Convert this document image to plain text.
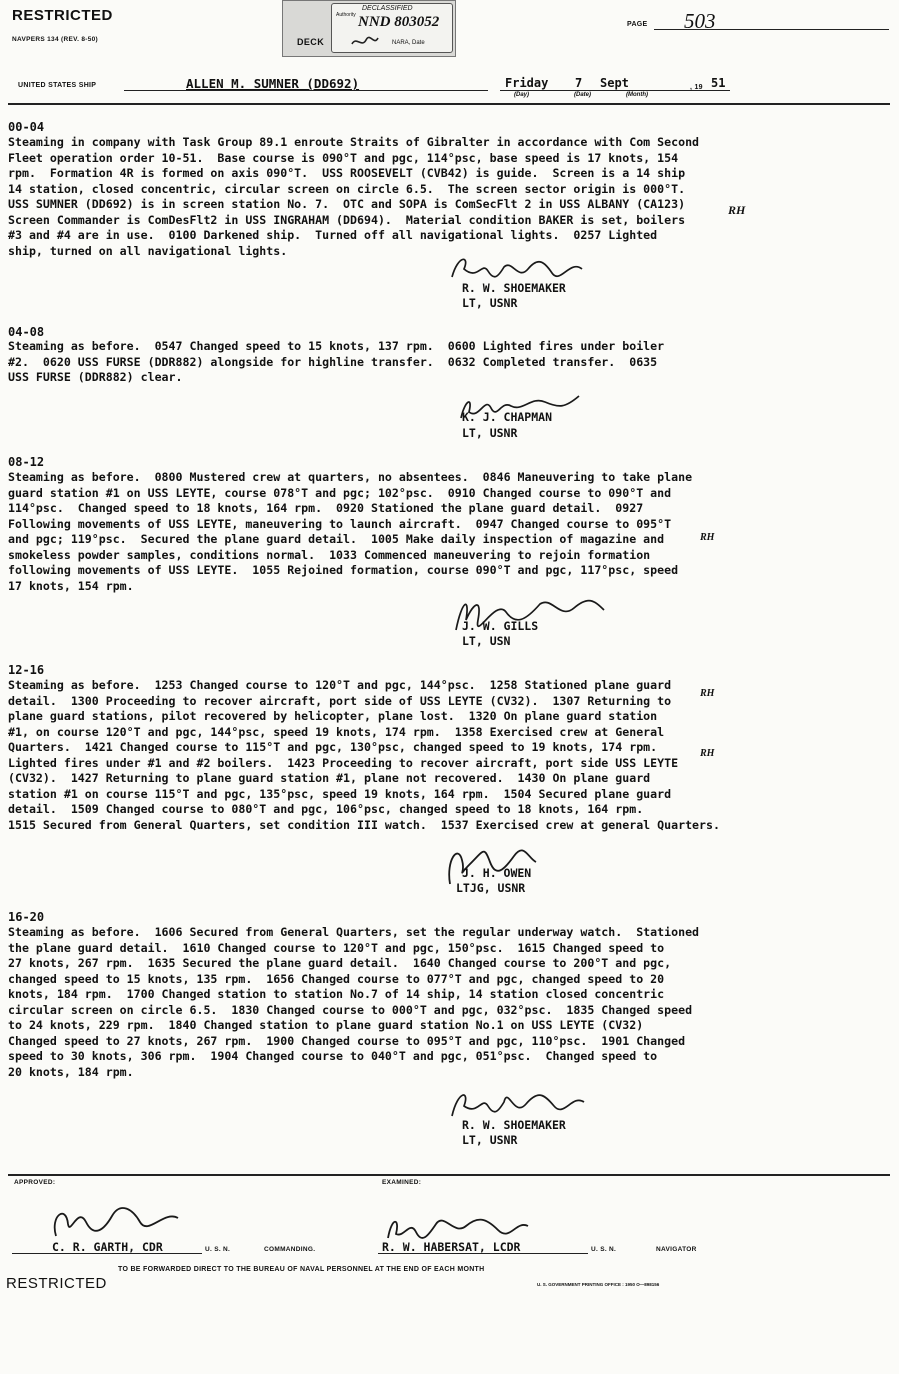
RESTRICTED
NAVPERS 134 (REV. 8-50)	DECK
DECLASSIFIED
Authority NND 803052
NARA, Date
PAGE 503
UNITED STATES SHIP	ALLEN M. SUMNER (DD692)	Friday 7 Sept	, 19 51
(Day)	(Date)	(Month)
00-04
Steaming in company with Task Group 89.1 enroute Straits of Gibralter in accordance with Com Second
Fleet operation order 10-51.  Base course is 090°T and pgc, 114°psc, base speed is 17 knots, 154
rpm.  Formation 4R is formed on axis 090°T.  USS ROOSEVELT (CVB42) is guide.  Screen is a 14 ship
14 station, closed concentric, circular screen on circle 6.5.  The screen sector origin is 000°T.
USS SUMNER (DD692) is in screen station No. 7.  OTC and SOPA is ComSecFlt 2 in USS ALBANY (CA123)
Screen Commander is ComDesFlt2 in USS INGRAHAM (DD694).  Material condition BAKER is set, boilers
#3 and #4 are in use.  0100 Darkened ship.  Turned off all navigational lights.  0257 Lighted
ship, turned on all navigational lights.
RH
R. W. SHOEMAKER
LT, USNR
04-08
Steaming as before.  0547 Changed speed to 15 knots, 137 rpm.  0600 Lighted fires under boiler
#2.  0620 USS FURSE (DDR882) alongside for highline transfer.  0632 Completed transfer.  0635
USS FURSE (DDR882) clear.
K. J. CHAPMAN
LT, USNR
08-12
Steaming as before.  0800 Mustered crew at quarters, no absentees.  0846 Maneuvering to take plane
guard station #1 on USS LEYTE, course 078°T and pgc; 102°psc.  0910 Changed course to 090°T and
114°psc.  Changed speed to 18 knots, 164 rpm.  0920 Stationed the plane guard detail.  0927
Following movements of USS LEYTE, maneuvering to launch aircraft.  0947 Changed course to 095°T
and pgc; 119°psc.  Secured the plane guard detail.  1005 Make daily inspection of magazine and
smokeless powder samples, conditions normal.  1033 Commenced maneuvering to rejoin formation
following movements of USS LEYTE.  1055 Rejoined formation, course 090°T and pgc, 117°psc, speed
17 knots, 154 rpm.
RH
J. W. GILLS
LT, USN
12-16
Steaming as before.  1253 Changed course to 120°T and pgc, 144°psc.  1258 Stationed plane guard
detail.  1300 Proceeding to recover aircraft, port side of USS LEYTE (CV32).  1307 Returning to
plane guard stations, pilot recovered by helicopter, plane lost.  1320 On plane guard station
#1, on course 120°T and pgc, 144°psc, speed 19 knots, 174 rpm.  1358 Exercised crew at General
Quarters.  1421 Changed course to 115°T and pgc, 130°psc, changed speed to 19 knots, 174 rpm.
Lighted fires under #1 and #2 boilers.  1423 Proceeding to recover aircraft, port side USS LEYTE
(CV32).  1427 Returning to plane guard station #1, plane not recovered.  1430 On plane guard
station #1 on course 115°T and pgc, 135°psc, speed 19 knots, 164 rpm.  1504 Secured plane guard
detail.  1509 Changed course to 080°T and pgc, 106°psc, changed speed to 18 knots, 164 rpm.
1515 Secured from General Quarters, set condition III watch.  1537 Exercised crew at general Quarters.
RH
RH
J. H. OWEN
LTJG, USNR
16-20
Steaming as before.  1606 Secured from General Quarters, set the regular underway watch.  Stationed
the plane guard detail.  1610 Changed course to 120°T and pgc, 150°psc.  1615 Changed speed to
27 knots, 267 rpm.  1635 Secured the plane guard detail.  1640 Changed course to 200°T and pgc,
changed speed to 15 knots, 135 rpm.  1656 Changed course to 077°T and pgc, changed speed to 20
knots, 184 rpm.  1700 Changed station to station No.7 of 14 ship, 14 station closed concentric
circular screen on circle 6.5.  1830 Changed course to 000°T and pgc, 032°psc.  1835 Changed speed
to 24 knots, 229 rpm.  1840 Changed station to plane guard station No.1 on USS LEYTE (CV32)
Changed speed to 27 knots, 267 rpm.  1900 Changed course to 095°T and pgc, 110°psc.  1901 Changed
speed to 30 knots, 306 rpm.  1904 Changed course to 040°T and pgc, 051°psc.  Changed speed to
20 knots, 184 rpm.
R. W. SHOEMAKER
LT, USNR
APPROVED:	EXAMINED:
C. R. GARTH, CDR	U. S. N.	COMMANDING.	R. W. HABERSAT, LCDR	U. S. N.	NAVIGATOR
TO BE FORWARDED DIRECT TO THE BUREAU OF NAVAL PERSONNEL AT THE END OF EACH MONTH
RESTRICTED	U. S. GOVERNMENT PRINTING OFFICE : 1950 O—898156
